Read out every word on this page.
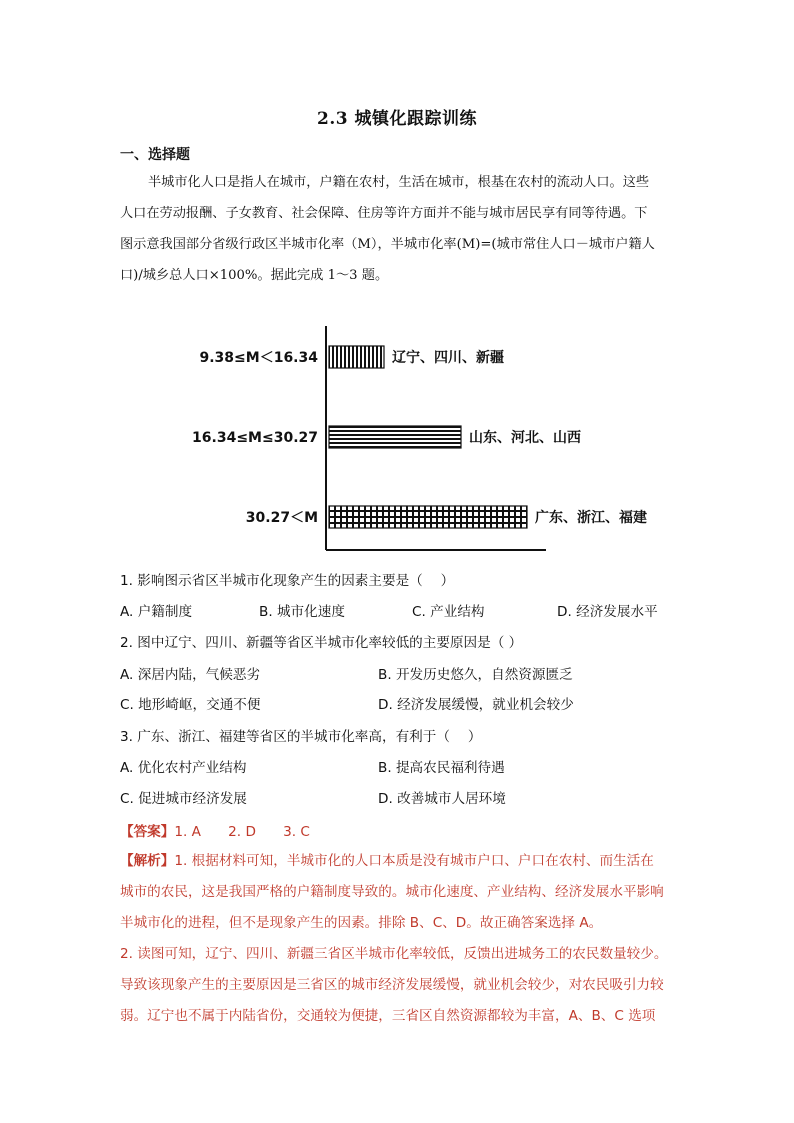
2.3 城镇化跟踪训练
一、选择题
半城市化人口是指人在城市，户籍在农村，生活在城市，根基在农村的流动人口。这些
人口在劳动报酬、子女教育、社会保障、住房等许方面并不能与城市居民享有同等待遇。下
图示意我国部分省级行政区半城市化率（M），半城市化率(M)=(城市常住人口－城市户籍人
口)/城乡总人口×100%。据此完成 1～3 题。
9.38≤M＜16.34	辽宁、四川、新疆
16.34≤M≤30.27	山东、河北、山西
30.27＜M	广东、浙江、福建
1. 影响图示省区半城市化现象产生的因素主要是（　 ）
A. 户籍制度	B. 城市化速度	C. 产业结构	D. 经济发展水平
2. 图中辽宁、四川、新疆等省区半城市化率较低的主要原因是（ ）
A. 深居内陆，气候恶劣	B. 开发历史悠久，自然资源匮乏
C. 地形崎岖，交通不便	D. 经济发展缓慢，就业机会较少
3. 广东、浙江、福建等省区的半城市化率高，有利于（　 ）
A. 优化农村产业结构	B. 提高农民福利待遇
C. 促进城市经济发展	D. 改善城市人居环境
【答案】1. A　　2. D　　3. C
【解析】1. 根据材料可知，半城市化的人口本质是没有城市户口、户口在农村、而生活在
城市的农民，这是我国严格的户籍制度导致的。城市化速度、产业结构、经济发展水平影响
半城市化的进程，但不是现象产生的因素。排除 B、C、D。故正确答案选择 A。
2. 读图可知，辽宁、四川、新疆三省区半城市化率较低，反馈出进城务工的农民数量较少。
导致该现象产生的主要原因是三省区的城市经济发展缓慢，就业机会较少，对农民吸引力较
弱。辽宁也不属于内陆省份，交通较为便捷，三省区自然资源都较为丰富，A、B、C 选项
